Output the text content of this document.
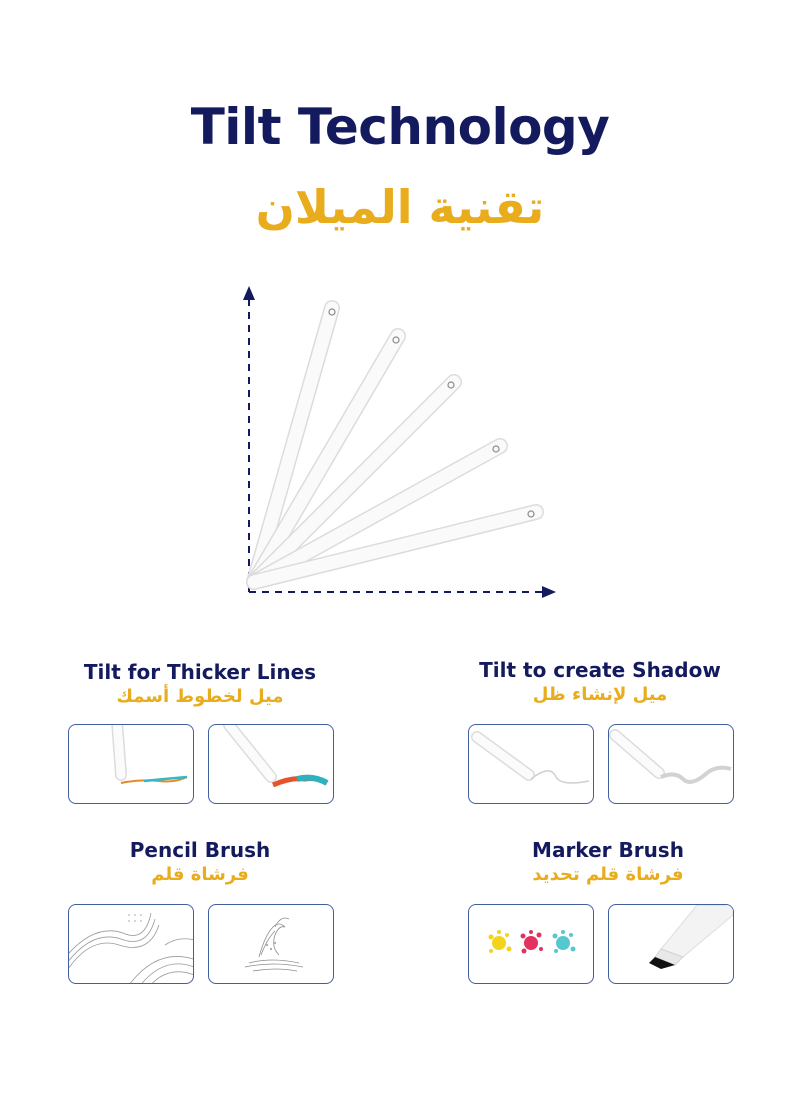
Tilt Technology
تقنية الميلان
Tilt for Thicker Lines
ميل لخطوط أسمك
Tilt to create Shadow
ميل لإنشاء ظل
Pencil Brush
فرشاة قلم
Marker Brush
فرشاة قلم تحديد
